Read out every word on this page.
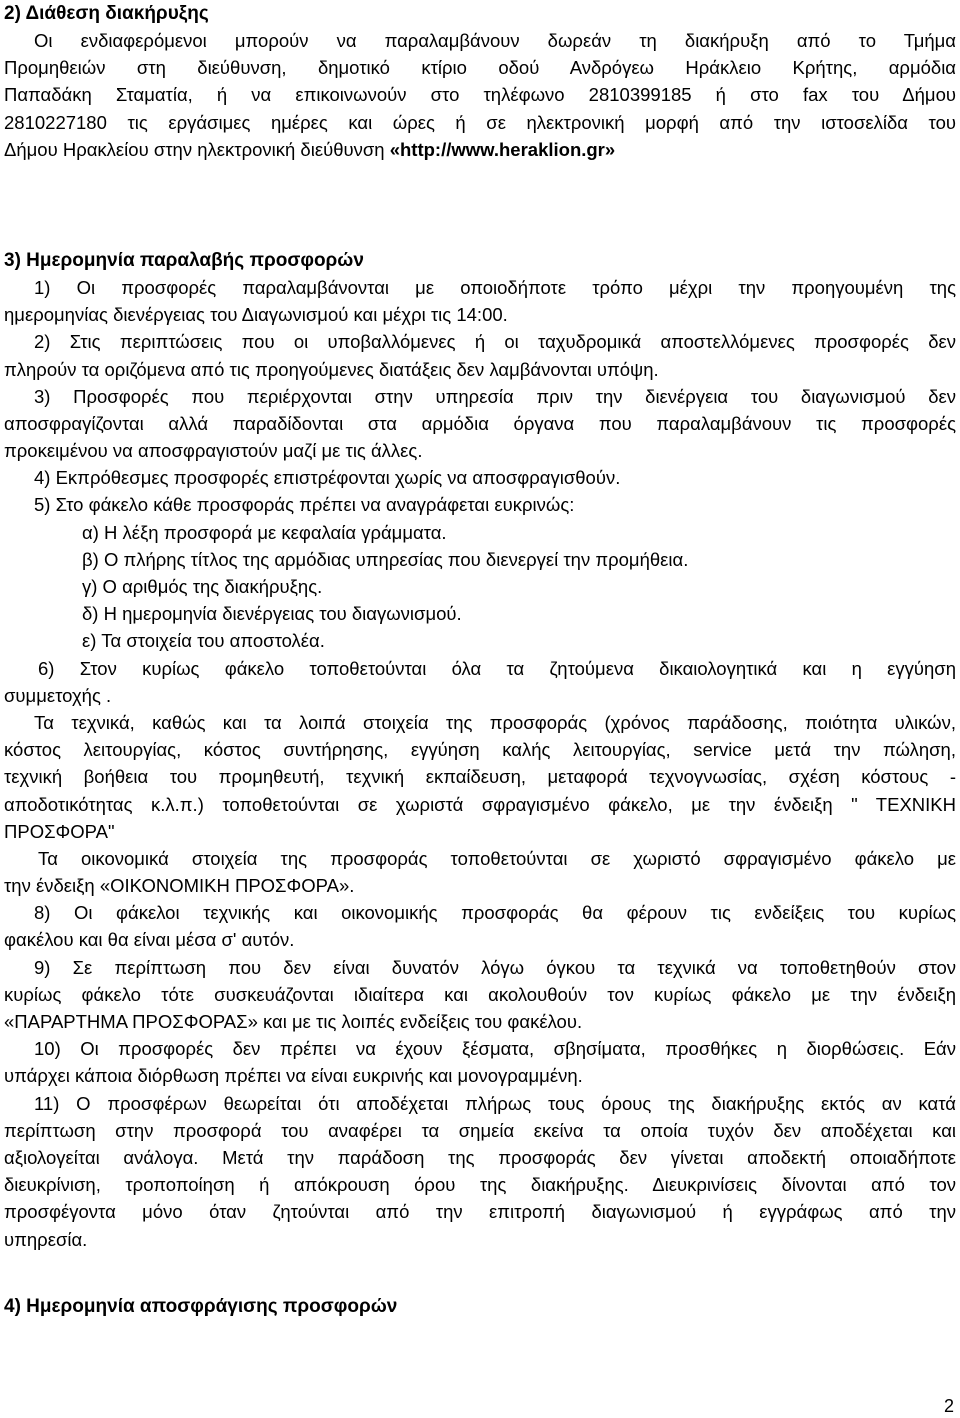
2) Διάθεση διακήρυξης
Οι ενδιαφερόμενοι μπορούν να παραλαμβάνουν δωρεάν τη διακήρυξη από το Τμήμα
Προμηθειών στη διεύθυνση, δημοτικό κτίριο οδού Ανδρόγεω Ηράκλειο Κρήτης, αρμόδια
Παπαδάκη Σταματία, ή να επικοινωνούν στο τηλέφωνο 2810399185 ή στο fax του Δήμου
2810227180 τις εργάσιμες ημέρες και ώρες ή σε ηλεκτρονική μορφή από την ιστοσελίδα του
Δήμου Ηρακλείου στην ηλεκτρονική διεύθυνση «http://www.heraklion.gr»
3) Ημερομηνία παραλαβής προσφορών
1) Οι προσφορές παραλαμβάνονται με οποιοδήποτε τρόπο μέχρι την προηγουμένη της
ημερομηνίας διενέργειας του Διαγωνισμού και μέχρι τις 14:00.
2) Στις περιπτώσεις που οι υποβαλλόμενες ή οι ταχυδρομικά αποστελλόμενες προσφορές δεν
πληρούν τα οριζόμενα από τις προηγούμενες διατάξεις δεν λαμβάνονται υπόψη.
3) Προσφορές που περιέρχονται στην υπηρεσία πριν την διενέργεια του διαγωνισμού δεν
αποσφραγίζονται αλλά παραδίδονται στα αρμόδια όργανα που παραλαμβάνουν τις προσφορές
προκειμένου να αποσφραγιστούν μαζί με τις άλλες.
4) Εκπρόθεσμες προσφορές επιστρέφονται χωρίς να αποσφραγισθούν.
5) Στο φάκελο κάθε προσφοράς πρέπει να αναγράφεται ευκρινώς:
α) Η λέξη προσφορά με κεφαλαία γράμματα.
β) Ο πλήρης τίτλος της αρμόδιας υπηρεσίας που διενεργεί την προμήθεια.
γ) Ο αριθμός της διακήρυξης.
δ) Η ημερομηνία διενέργειας του διαγωνισμού.
ε) Τα στοιχεία του αποστολέα.
6) Στον κυρίως φάκελο τοποθετούνται όλα τα ζητούμενα δικαιολογητικά και η εγγύηση
συμμετοχής .
Τα τεχνικά, καθώς και τα λοιπά στοιχεία της προσφοράς (χρόνος παράδοσης, ποιότητα υλικών,
κόστος λειτουργίας, κόστος συντήρησης, εγγύηση καλής λειτουργίας, service μετά την πώληση,
τεχνική βοήθεια του προμηθευτή, τεχνική εκπαίδευση, μεταφορά τεχνογνωσίας, σχέση κόστους -
αποδοτικότητας κ.λ.π.) τοποθετούνται σε χωριστά σφραγισμένο φάκελο, με την ένδειξη " ΤΕΧΝΙΚΗ
ΠΡΟΣΦΟΡΑ"
Τα οικονομικά στοιχεία της προσφοράς τοποθετούνται σε χωριστό σφραγισμένο φάκελο με
την ένδειξη «ΟΙΚΟΝΟΜΙΚΗ ΠΡΟΣΦΟΡΑ».
8) Οι φάκελοι τεχνικής και οικονομικής προσφοράς θα φέρουν τις ενδείξεις του κυρίως
φακέλου και θα είναι μέσα σ' αυτόν.
9) Σε περίπτωση που δεν είναι δυνατόν λόγω όγκου τα τεχνικά να τοποθετηθούν στον
κυρίως φάκελο τότε συσκευάζονται ιδιαίτερα και ακολουθούν τον κυρίως φάκελο με την ένδειξη
«ΠΑΡΑΡΤΗΜΑ ΠΡΟΣΦΟΡΑΣ» και με τις λοιπές ενδείξεις του φακέλου.
10) Οι προσφορές δεν πρέπει να έχουν ξέσματα, σβησίματα, προσθήκες η διορθώσεις. Εάν
υπάρχει κάποια διόρθωση πρέπει να είναι ευκρινής και μονογραμμένη.
11) Ο προσφέρων θεωρείται ότι αποδέχεται πλήρως τους όρους της διακήρυξης εκτός αν κατά
περίπτωση στην προσφορά του αναφέρει τα σημεία εκείνα τα οποία τυχόν δεν αποδέχεται και
αξιολογείται ανάλογα. Μετά την παράδοση της προσφοράς δεν γίνεται αποδεκτή οποιαδήποτε
διευκρίνιση, τροποποίηση ή απόκρουση όρου της διακήρυξης. Διευκρινίσεις δίνονται από τον
προσφέγοντα μόνο όταν ζητούνται από την επιτροπή διαγωνισμού ή εγγράφως από την
υπηρεσία.
4) Ημερομηνία αποσφράγισης προσφορών
2
